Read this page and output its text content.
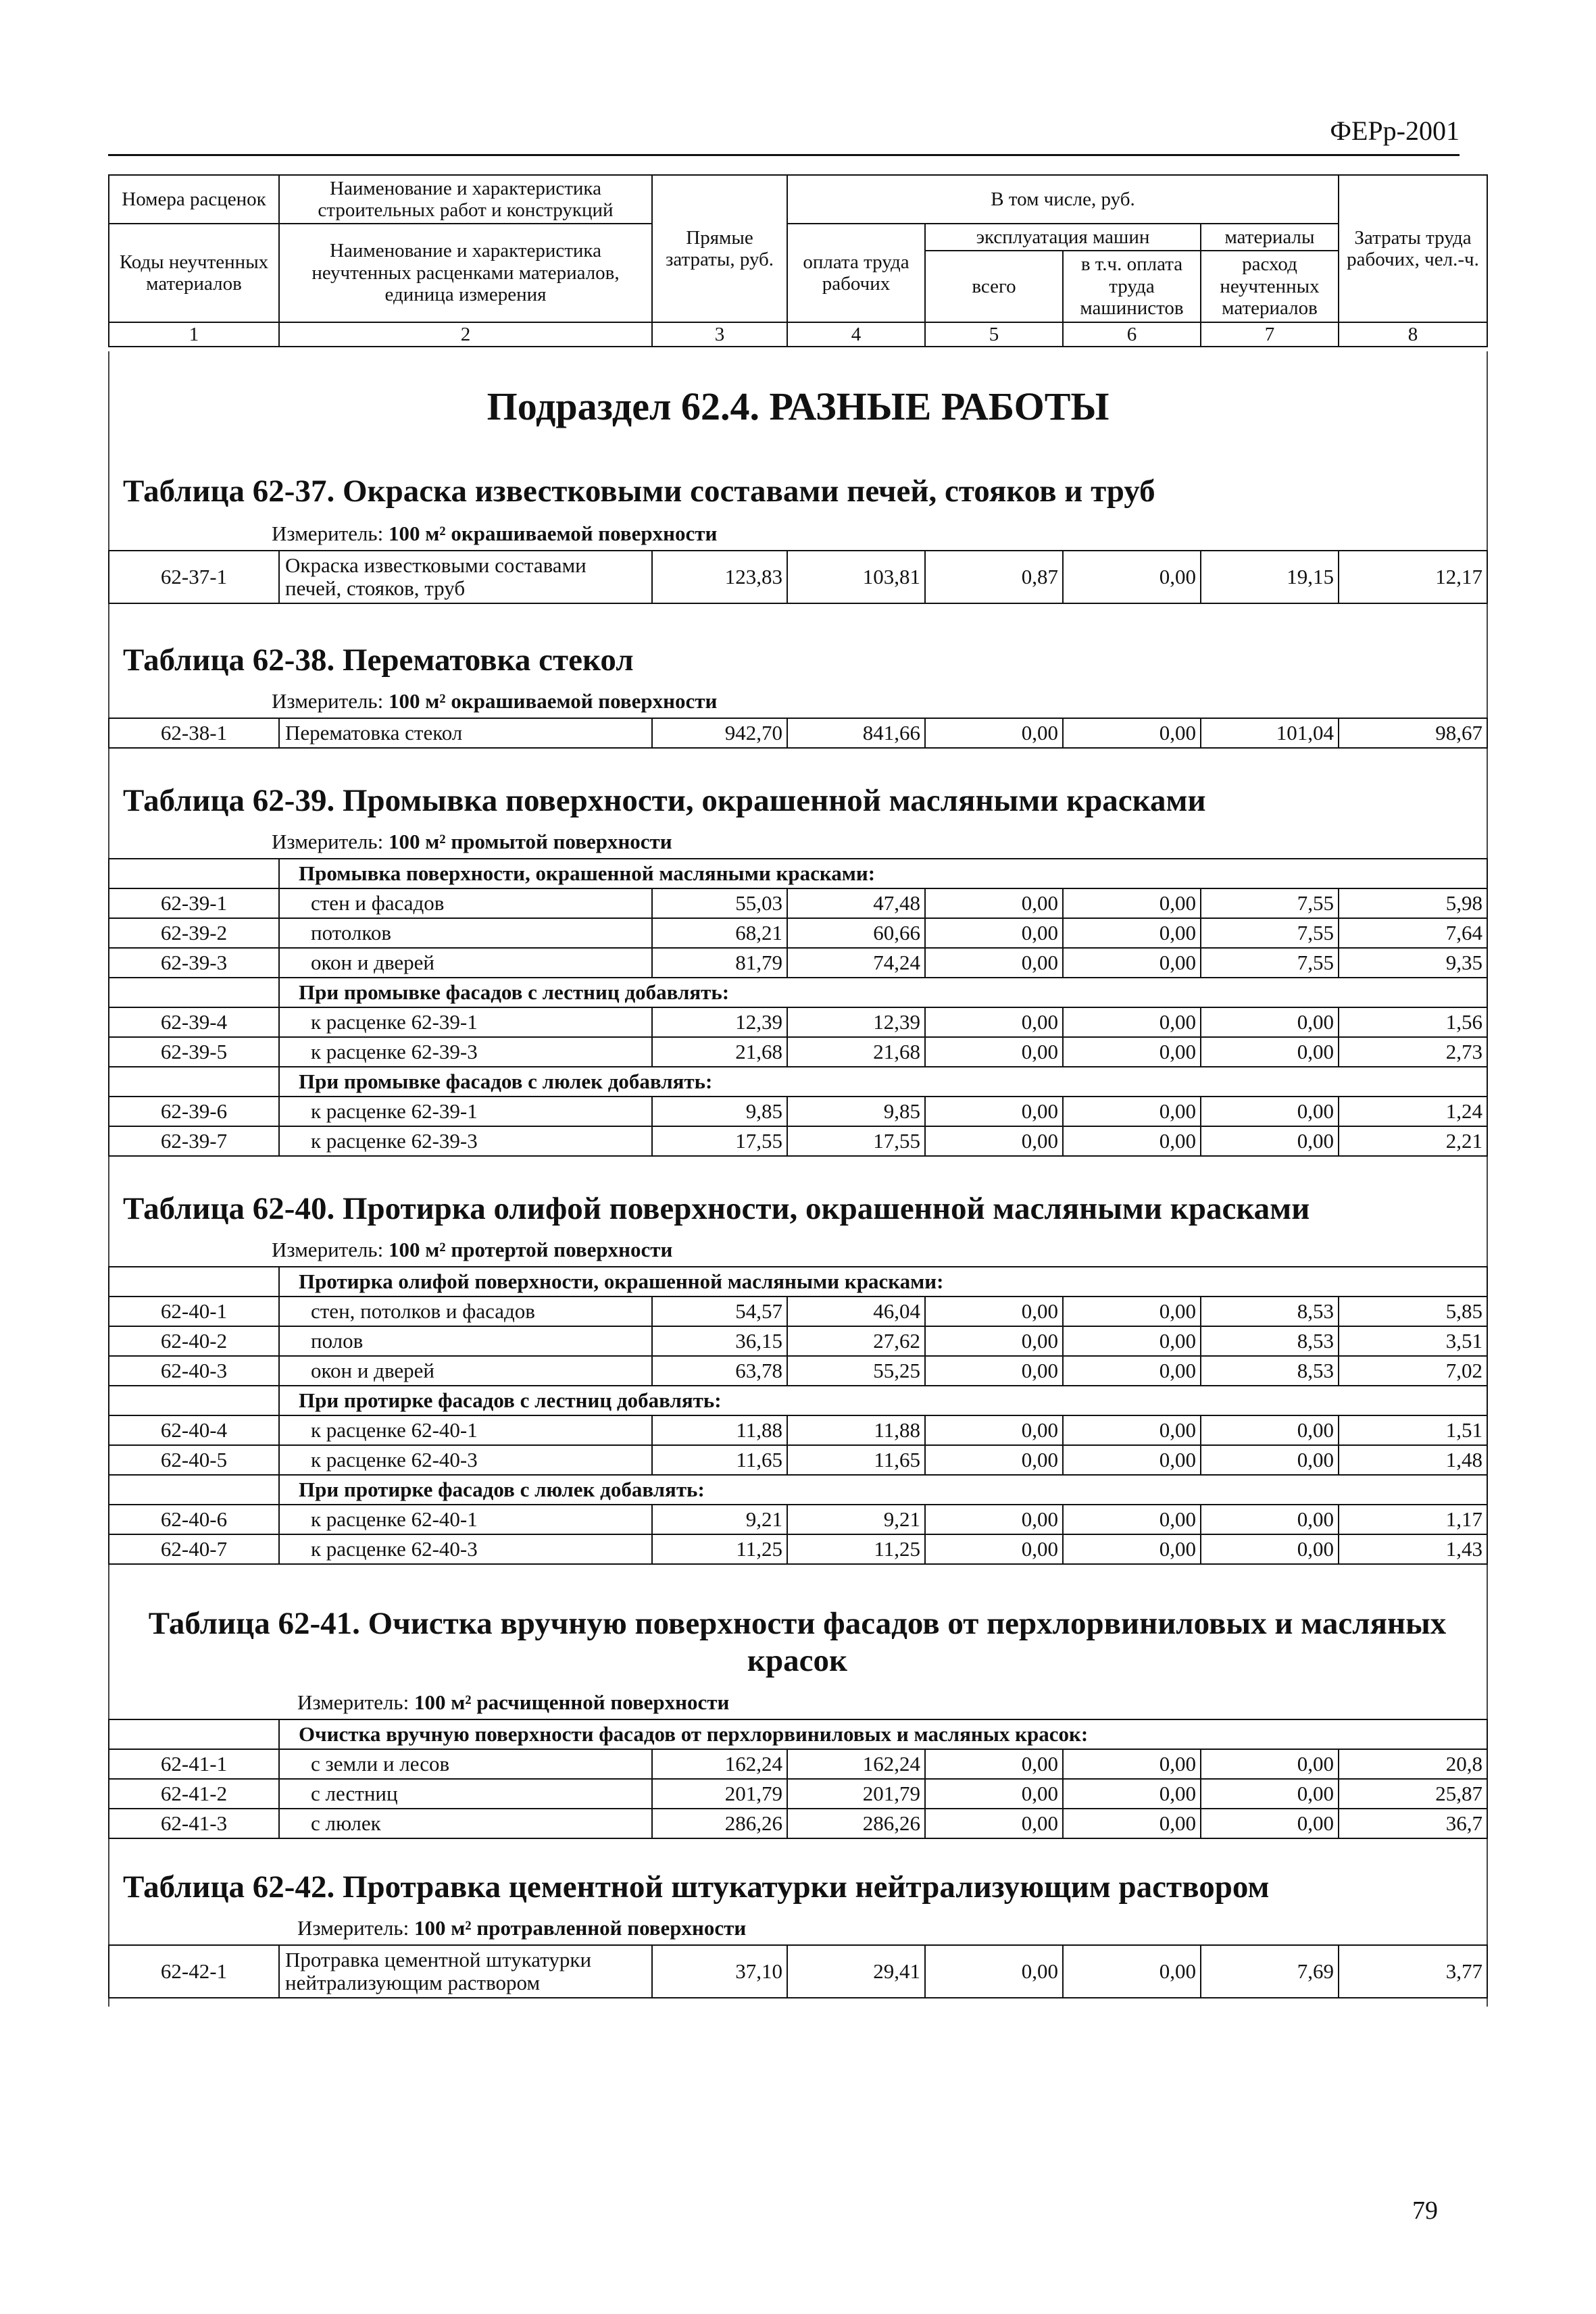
ФЕРр-2001
Номера расценок	Наименование и характеристика строительных работ и конструкций	Прямые затраты, руб.	В том числе, руб.				Затраты труда рабочих, чел.-ч.
Коды неучтенных материалов	Наименование и характеристика неучтенных расценками материалов, единица измерения		оплата труда рабочих	эксплуатация машин		материалы	
				всего	в т.ч. оплата труда машинистов	расход неучтенных материалов	
1	2	3	4	5	6	7	8
Подраздел 62.4. РАЗНЫЕ РАБОТЫ
Таблица 62-37. Окраска известковыми составами печей, стояков и труб

Измеритель: 100 м² окрашиваемой поверхности

62-37-1	Окраска известковыми составами печей, стояков, труб	123,83	103,81	0,87	0,00	19,15	12,17
Таблица 62-38. Перематовка стекол

Измеритель: 100 м² окрашиваемой поверхности

62-38-1	Перематовка стекол	942,70	841,66	0,00	0,00	101,04	98,67
Таблица 62-39. Промывка поверхности, окрашенной масляными красками

Измеритель: 100 м² промытой поверхности

	Промывка поверхности, окрашенной масляными красками:						
62-39-1	стен и фасадов	55,03	47,48	0,00	0,00	7,55	5,98
62-39-2	потолков	68,21	60,66	0,00	0,00	7,55	7,64
62-39-3	окон и дверей	81,79	74,24	0,00	0,00	7,55	9,35
	При промывке фасадов с лестниц добавлять:						
62-39-4	к расценке 62-39-1	12,39	12,39	0,00	0,00	0,00	1,56
62-39-5	к расценке 62-39-3	21,68	21,68	0,00	0,00	0,00	2,73
	При промывке фасадов с люлек добавлять:						
62-39-6	к расценке 62-39-1	9,85	9,85	0,00	0,00	0,00	1,24
62-39-7	к расценке 62-39-3	17,55	17,55	0,00	0,00	0,00	2,21
Таблица 62-40. Протирка олифой поверхности, окрашенной масляными красками

Измеритель: 100 м² протертой поверхности

	Протирка олифой поверхности, окрашенной масляными красками:						
62-40-1	стен, потолков и фасадов	54,57	46,04	0,00	0,00	8,53	5,85
62-40-2	полов	36,15	27,62	0,00	0,00	8,53	3,51
62-40-3	окон и дверей	63,78	55,25	0,00	0,00	8,53	7,02
	При протирке фасадов с лестниц добавлять:						
62-40-4	к расценке 62-40-1	11,88	11,88	0,00	0,00	0,00	1,51
62-40-5	к расценке 62-40-3	11,65	11,65	0,00	0,00	0,00	1,48
	При протирке фасадов с люлек добавлять:						
62-40-6	к расценке 62-40-1	9,21	9,21	0,00	0,00	0,00	1,17
62-40-7	к расценке 62-40-3	11,25	11,25	0,00	0,00	0,00	1,43
Таблица 62-41. Очистка вручную поверхности фасадов от перхлорвиниловых и масляных красок

Измеритель: 100 м² расчищенной поверхности

	Очистка вручную поверхности фасадов от перхлорвиниловых и масляных красок:						
62-41-1	с земли и лесов	162,24	162,24	0,00	0,00	0,00	20,8
62-41-2	с лестниц	201,79	201,79	0,00	0,00	0,00	25,87
62-41-3	с люлек	286,26	286,26	0,00	0,00	0,00	36,7
Таблица 62-42. Протравка цементной штукатурки нейтрализующим раствором

Измеритель: 100 м² протравленной поверхности

62-42-1	Протравка цементной штукатурки нейтрализующим раствором	37,10	29,41	0,00	0,00	7,69	3,77
79
